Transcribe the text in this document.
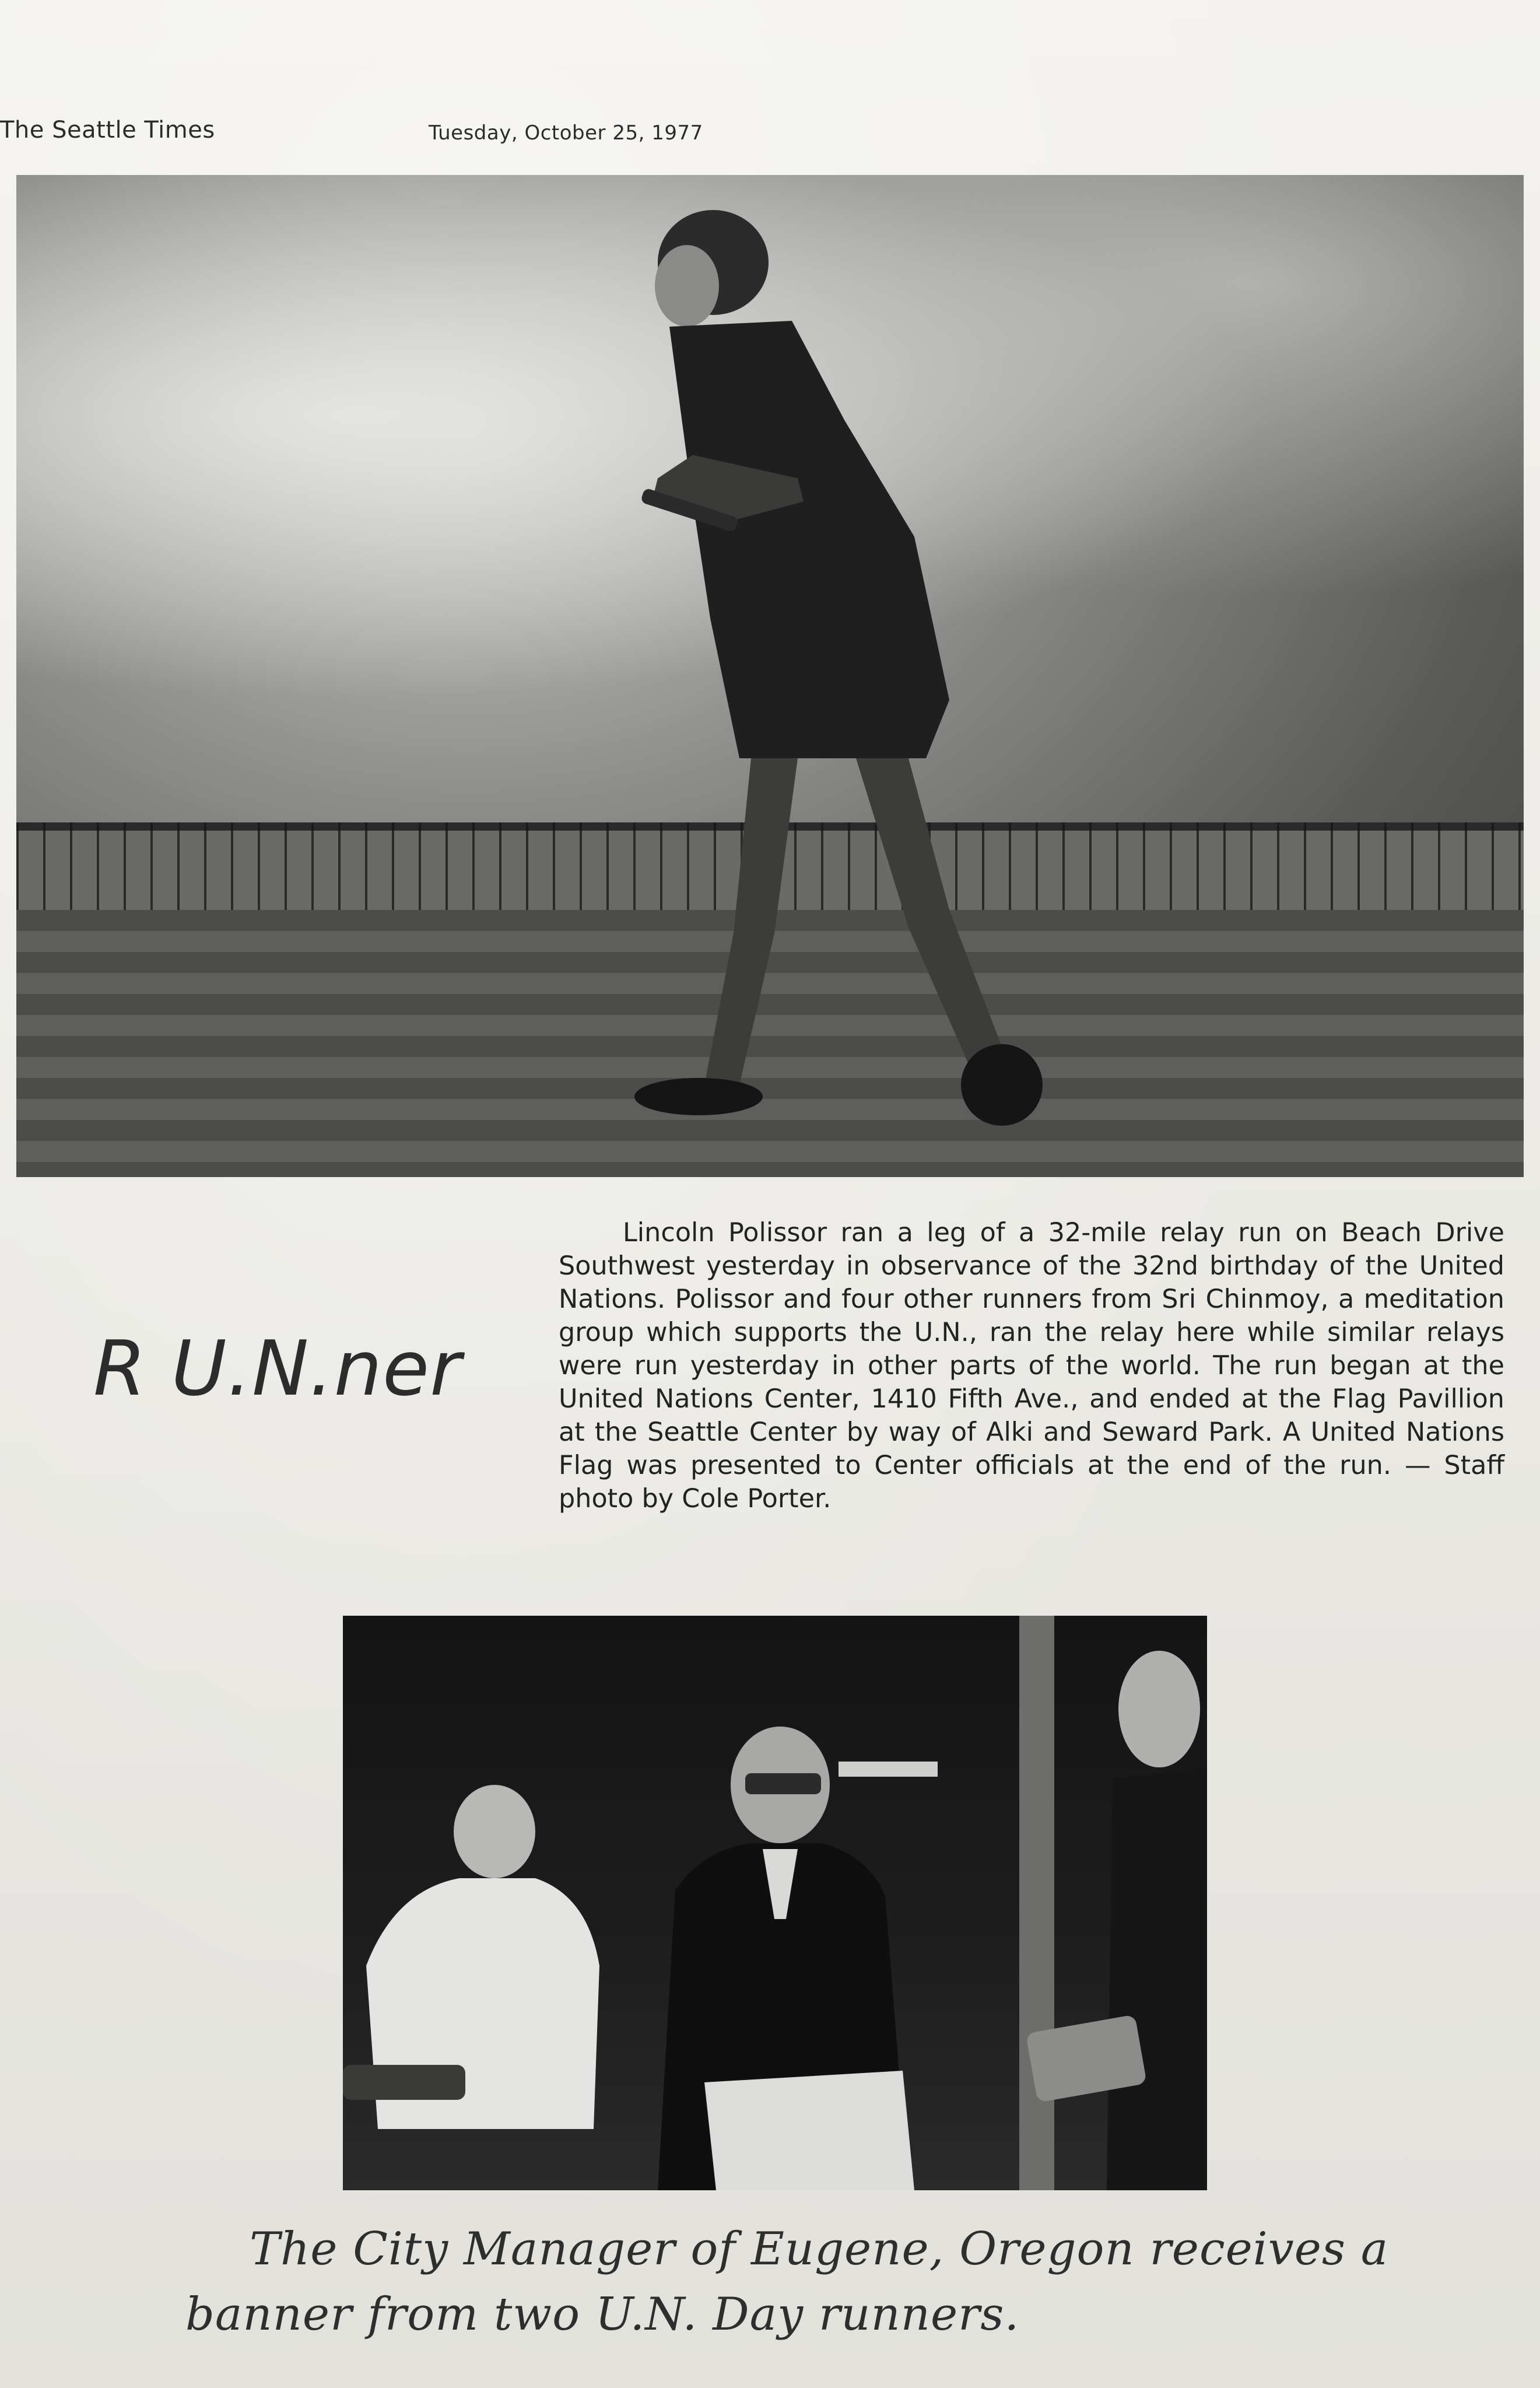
The Seattle Times	Tuesday, October 25, 1977
R U.N.ner
Lincoln Polissor ran a leg of a 32-mile relay run on Beach Drive Southwest yesterday in observance of the 32nd birthday of the United Nations. Polissor and four other runners from Sri Chinmoy, a meditation group which supports the U.N., ran the relay here while similar relays were run yesterday in other parts of the world. The run began at the United Nations Center, 1410 Fifth Ave., and ended at the Flag Pavillion at the Seattle Center by way of Alki and Seward Park. A United Nations Flag was presented to Center officials at the end of the run. — Staff photo by Cole Porter.
The City Manager of Eugene, Oregon receives a
banner from two U.N. Day runners.
